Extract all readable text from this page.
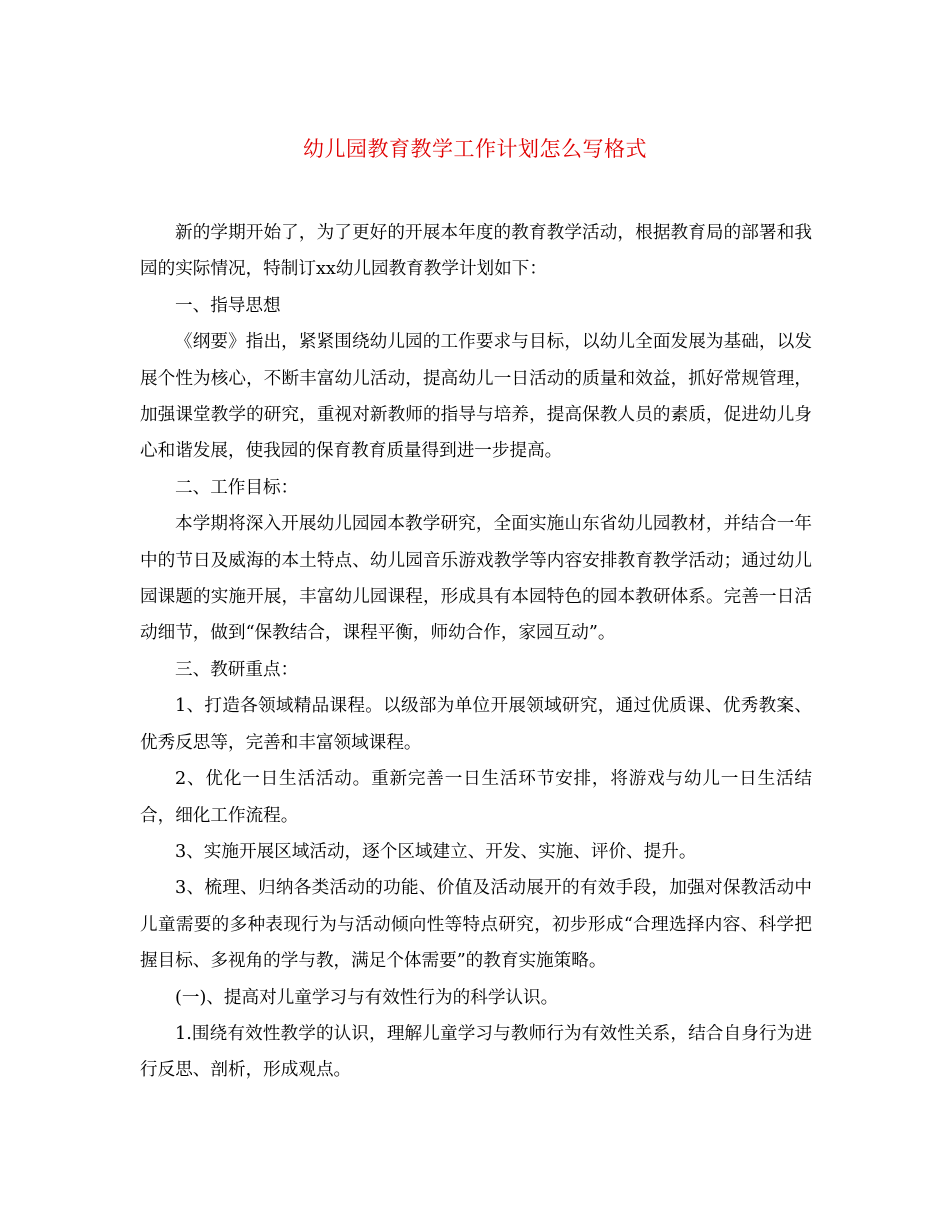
幼儿园教育教学工作计划怎么写格式

新的学期开始了，为了更好的开展本年度的教育教学活动，根据教育局的部署和我园的实际情况，特制订xx幼儿园教育教学计划如下：

一、指导思想

《纲要》指出，紧紧围绕幼儿园的工作要求与目标，以幼儿全面发展为基础，以发展个性为核心，不断丰富幼儿活动，提高幼儿一日活动的质量和效益，抓好常规管理，加强课堂教学的研究，重视对新教师的指导与培养，提高保教人员的素质，促进幼儿身心和谐发展，使我园的保育教育质量得到进一步提高。

二、工作目标：

本学期将深入开展幼儿园园本教学研究，全面实施山东省幼儿园教材，并结合一年中的节日及威海的本土特点、幼儿园音乐游戏教学等内容安排教育教学活动；通过幼儿园课题的实施开展，丰富幼儿园课程，形成具有本园特色的园本教研体系。完善一日活动细节，做到“保教结合，课程平衡，师幼合作，家园互动”。

三、教研重点：

1、打造各领域精品课程。以级部为单位开展领域研究，通过优质课、优秀教案、优秀反思等，完善和丰富领域课程。

2、优化一日生活活动。重新完善一日生活环节安排，将游戏与幼儿一日生活结合，细化工作流程。

3、实施开展区域活动，逐个区域建立、开发、实施、评价、提升。

3、梳理、归纳各类活动的功能、价值及活动展开的有效手段，加强对保教活动中儿童需要的多种表现行为与活动倾向性等特点研究，初步形成“合理选择内容、科学把握目标、多视角的学与教，满足个体需要”的教育实施策略。

(一)、提高对儿童学习与有效性行为的科学认识。

1.围绕有效性教学的认识，理解儿童学习与教师行为有效性关系，结合自身行为进行反思、剖析，形成观点。
